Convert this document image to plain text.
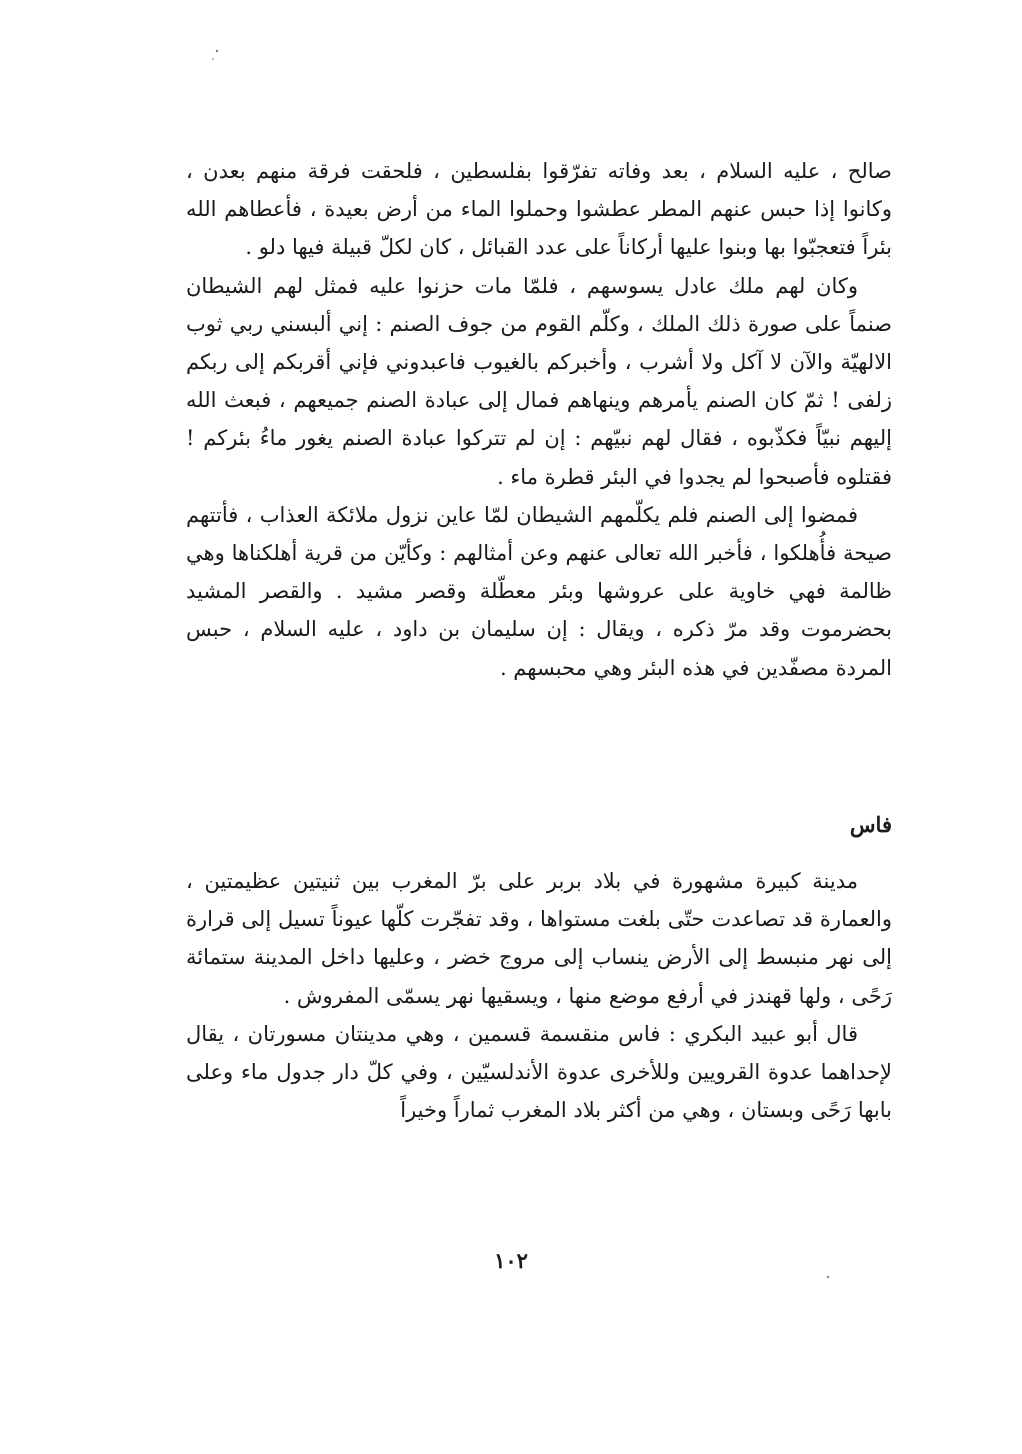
صالح ، عليه السلام ، بعد وفاته تفرّقوا بفلسطين ، فلحقت فرقة منهم بعدن ، وكانوا إذا حبس عنهم المطر عطشوا وحملوا الماء من أرض بعيدة ، فأعطاهم الله بئراً فتعجبّوا بها وبنوا عليها أركاناً على عدد القبائل ، كان لكلّ قبيلة فيها دلو .

وكان لهم ملك عادل يسوسهم ، فلمّا مات حزنوا عليه فمثل لهم الشيطان صنماً على صورة ذلك الملك ، وكلّم القوم من جوف الصنم : إني ألبسني ربي ثوب الالهيّة والآن لا آكل ولا أشرب ، وأخبركم بالغيوب فاعبدوني فإني أقربكم إلى ربكم زلفى ! ثمّ كان الصنم يأمرهم وينهاهم فمال إلى عبادة الصنم جميعهم ، فبعث الله إليهم نبيّاً فكذّبوه ، فقال لهم نبيّهم : إن لم تتركوا عبادة الصنم يغور ماءُ بئركم ! فقتلوه فأصبحوا لم يجدوا في البئر قطرة ماء .

فمضوا إلى الصنم فلم يكلّمهم الشيطان لمّا عاين نزول ملائكة العذاب ، فأتتهم صيحة فأُهلكوا ، فأخبر الله تعالى عنهم وعن أمثالهم : وكأيّن من قرية أهلكناها وهي ظالمة فهي خاوية على عروشها وبئر معطّلة وقصر مشيد . والقصر المشيد بحضرموت وقد مرّ ذكره ، ويقال : إن سليمان بن داود ، عليه السلام ، حبس المردة مصفّدين في هذه البئر وهي محبسهم .

فاس

مدينة كبيرة مشهورة في بلاد بربر على برّ المغرب بين ثنيتين عظيمتين ، والعمارة قد تصاعدت حتّى بلغت مستواها ، وقد تفجّرت كلّها عيوناً تسيل إلى قرارة إلى نهر منبسط إلى الأرض ينساب إلى مروج خضر ، وعليها داخل المدينة ستمائة رَحًى ، ولها قهندز في أرفع موضع منها ، ويسقيها نهر يسمّى المفروش .

قال أبو عبيد البكري : فاس منقسمة قسمين ، وهي مدينتان مسورتان ، يقال لإحداهما عدوة القرويين وللأخرى عدوة الأندلسيّين ، وفي كلّ دار جدول ماء وعلى بابها رَحًى وبستان ، وهي من أكثر بلاد المغرب ثماراً وخيراً

١٠٢
